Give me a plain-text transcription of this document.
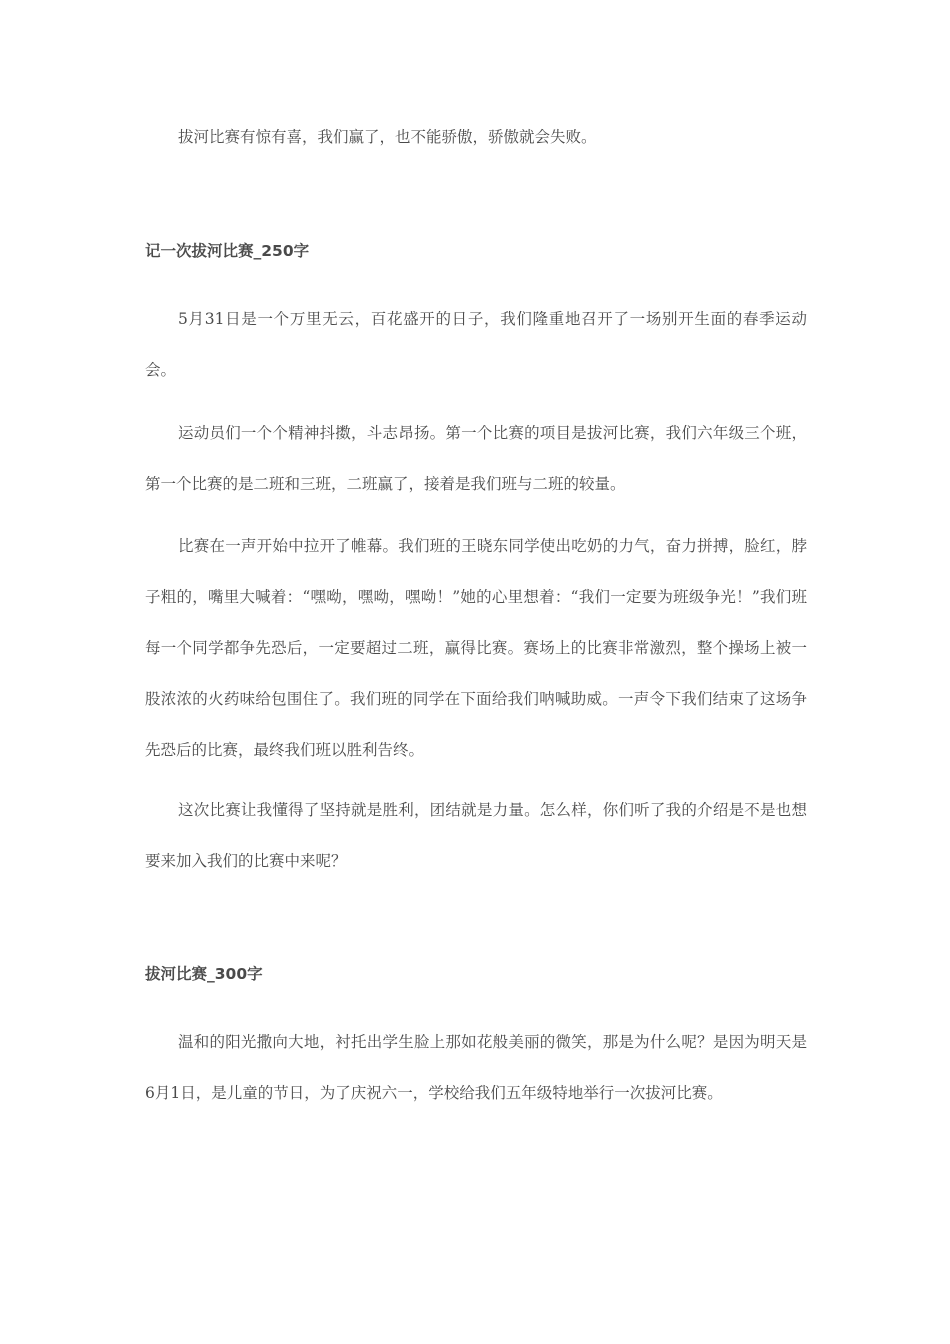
拔河比赛有惊有喜，我们赢了，也不能骄傲，骄傲就会失败。

记一次拔河比赛_250字

5月31日是一个万里无云，百花盛开的日子，我们隆重地召开了一场别开生面的春季运动会。

运动员们一个个精神抖擞，斗志昂扬。第一个比赛的项目是拔河比赛，我们六年级三个班，第一个比赛的是二班和三班，二班赢了，接着是我们班与二班的较量。

比赛在一声开始中拉开了帷幕。我们班的王晓东同学使出吃奶的力气，奋力拼搏，脸红，脖子粗的，嘴里大喊着：“嘿呦，嘿呦，嘿呦！”她的心里想着：“我们一定要为班级争光！”我们班每一个同学都争先恐后，一定要超过二班，赢得比赛。赛场上的比赛非常激烈，整个操场上被一股浓浓的火药味给包围住了。我们班的同学在下面给我们呐喊助威。一声令下我们结束了这场争先恐后的比赛，最终我们班以胜利告终。

这次比赛让我懂得了坚持就是胜利，团结就是力量。怎么样，你们听了我的介绍是不是也想要来加入我们的比赛中来呢？

拔河比赛_300字

温和的阳光撒向大地，衬托出学生脸上那如花般美丽的微笑，那是为什么呢？是因为明天是6月1日，是儿童的节日，为了庆祝六一，学校给我们五年级特地举行一次拔河比赛。
